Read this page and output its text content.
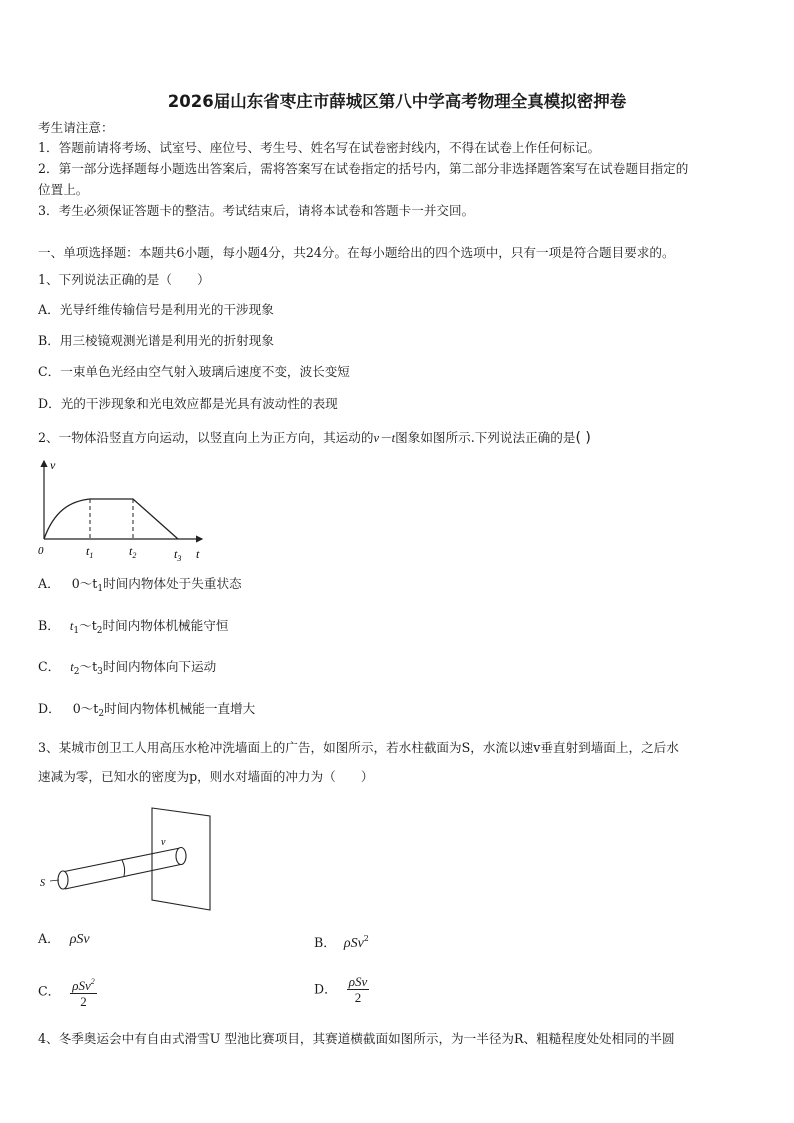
2026届山东省枣庄市薛城区第八中学高考物理全真模拟密押卷
考生请注意：
1．答题前请将考场、试室号、座位号、考生号、姓名写在试卷密封线内，不得在试卷上作任何标记。
2．第一部分选择题每小题选出答案后，需将答案写在试卷指定的括号内，第二部分非选择题答案写在试卷题目指定的
位置上。
3．考生必须保证答题卡的整洁。考试结束后，请将本试卷和答题卡一并交回。
一、单项选择题：本题共6小题，每小题4分，共24分。在每小题给出的四个选项中，只有一项是符合题目要求的。
1、下列说法正确的是（　　）
A．光导纤维传输信号是利用光的干涉现象
B．用三棱镜观测光谱是利用光的折射现象
C．一束单色光经由空气射入玻璃后速度不变，波长变短
D．光的干涉现象和光电效应都是光具有波动性的表现
2、一物体沿竖直方向运动，以竖直向上为正方向，其运动的v－t图象如图所示.下列说法正确的是( )
v
0	$t_1$	$t_2$	$t_3$ t
A． $0\sim t_1$时间内物体处于失重状态
B． $t_1\sim t_2$时间内物体机械能守恒
C． $t_2\sim t_3$时间内物体向下运动
D． $0\sim t_2$时间内物体机械能一直增大
3、某城市创卫工人用高压水枪冲洗墙面上的广告，如图所示，若水柱截面为S，水流以速v垂直射到墙面上，之后水
速减为零，已知水的密度为p，则水对墙面的冲力为（　　）
S
v
A． ρSv	B． ρSv$^2$
C． $\frac{\rho Sv^2}{2}$	D． $\frac{\text{ρSv}}{2}$
4、冬季奥运会中有自由式滑雪U 型池比赛项目，其赛道横截面如图所示，为一半径为R、粗糙程度处处相同的半圆
